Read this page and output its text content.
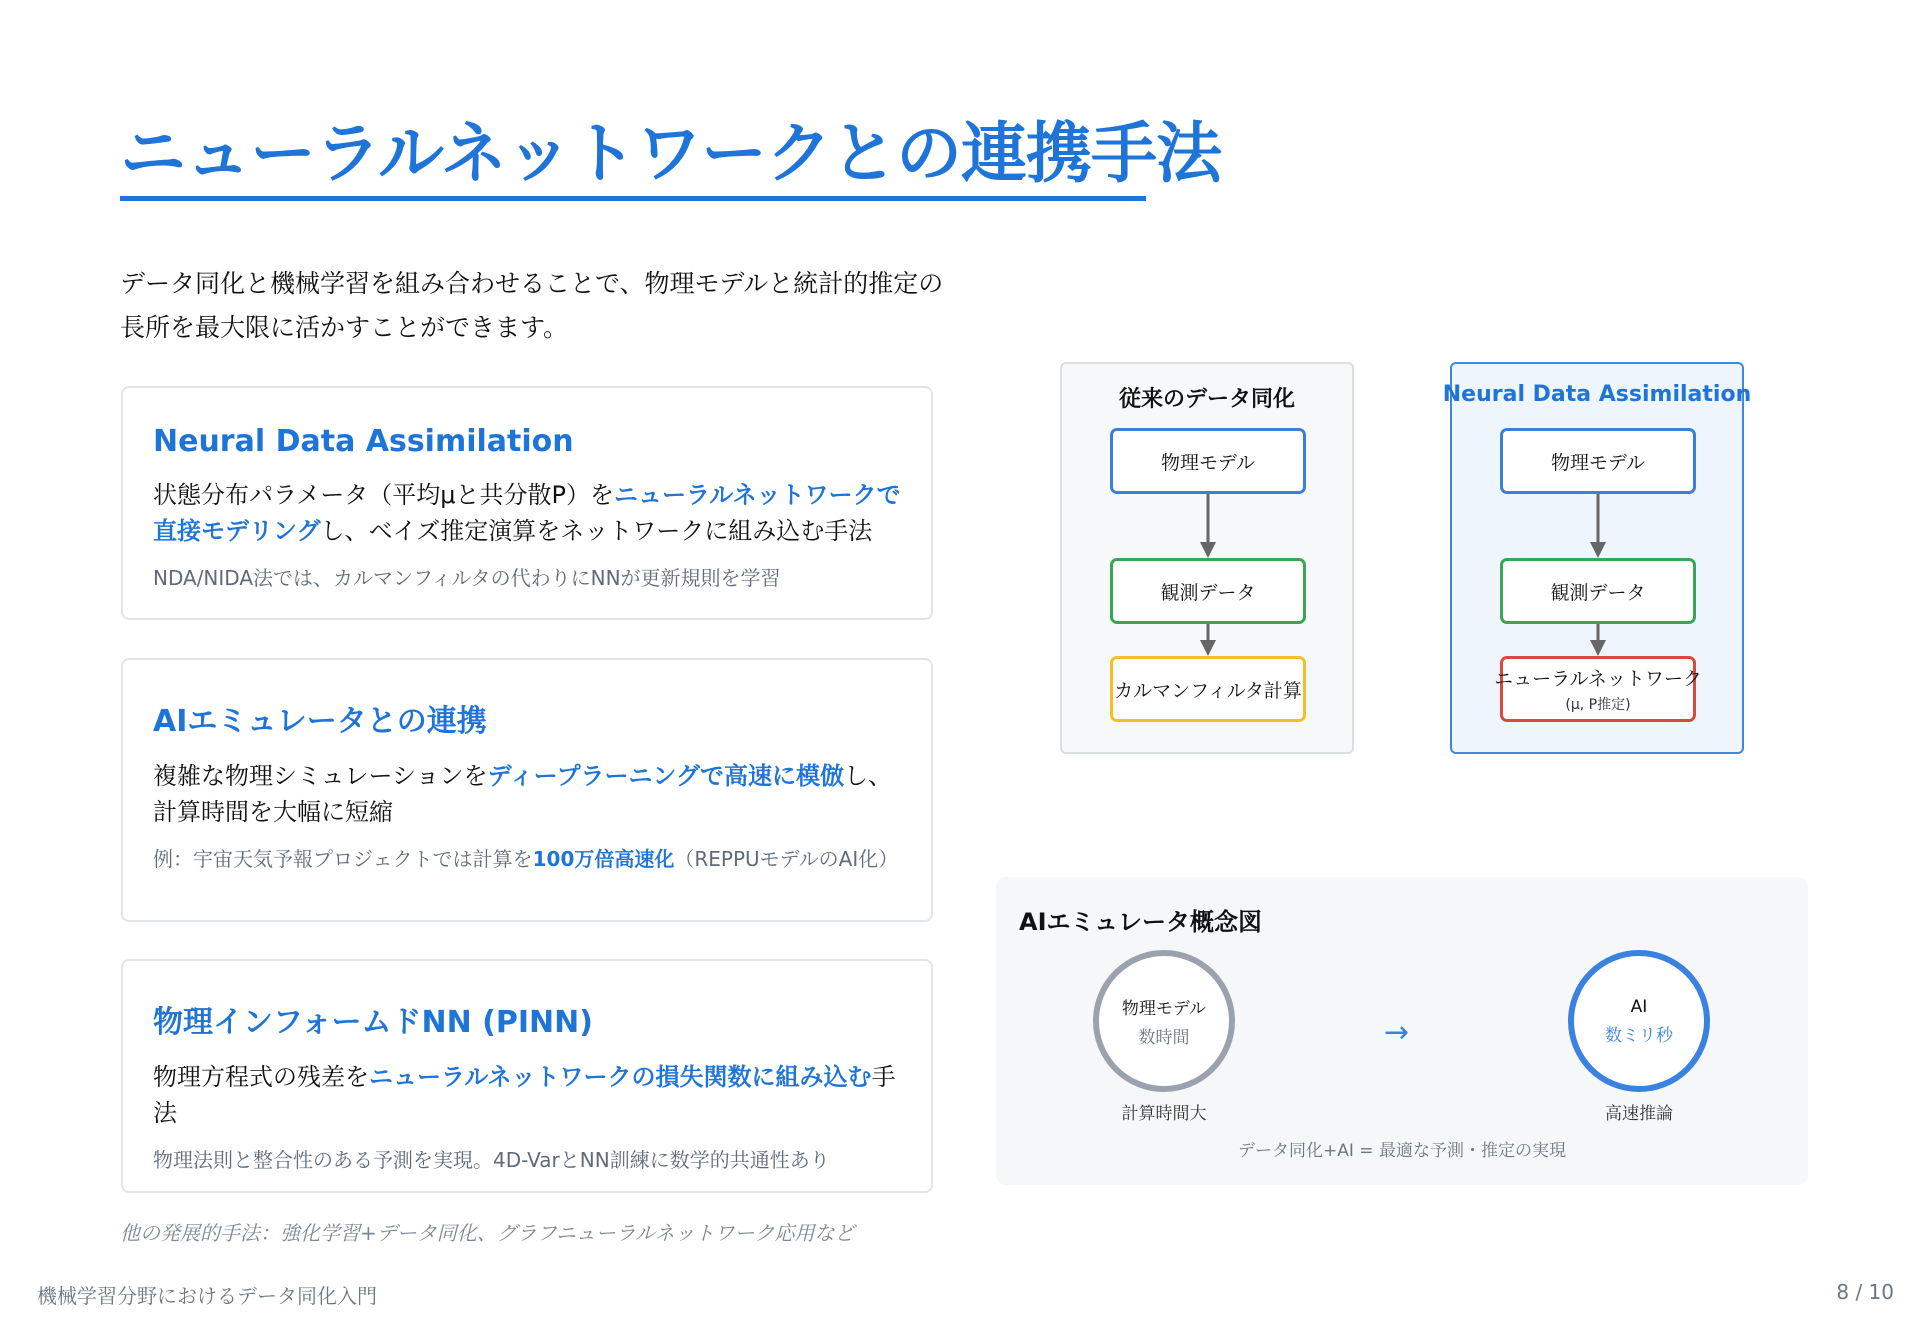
ニューラルネットワークとの連携手法
データ同化と機械学習を組み合わせることで、物理モデルと統計的推定の長所を最大限に活かすことができます。
Neural Data Assimilation

状態分布パラメータ（平均μと共分散P）をニューラルネットワークで直接モデリングし、ベイズ推定演算をネットワークに組み込む手法

NDA/NIDA法では、カルマンフィルタの代わりにNNが更新規則を学習

AIエミュレータとの連携

複雑な物理シミュレーションをディープラーニングで高速に模倣し、計算時間を大幅に短縮

例：宇宙天気予報プロジェクトでは計算を100万倍高速化（REPPUモデルのAI化）

物理インフォームドNN (PINN)

物理方程式の残差をニューラルネットワークの損失関数に組み込む手法

物理法則と整合性のある予測を実現。4D-VarとNN訓練に数学的共通性あり

他の発展的手法：強化学習+データ同化、グラフニューラルネットワーク応用など
従来のデータ同化
物理モデル
観測データ
カルマンフィルタ計算
Neural Data Assimilation
物理モデル
観測データ
ニューラルネットワーク
(μ, P推定)
AIエミュレータ概念図
物理モデル
数時間
計算時間大
→
AI
数ミリ秒
高速推論
データ同化+AI = 最適な予測・推定の実現
機械学習分野におけるデータ同化入門	8 / 10
